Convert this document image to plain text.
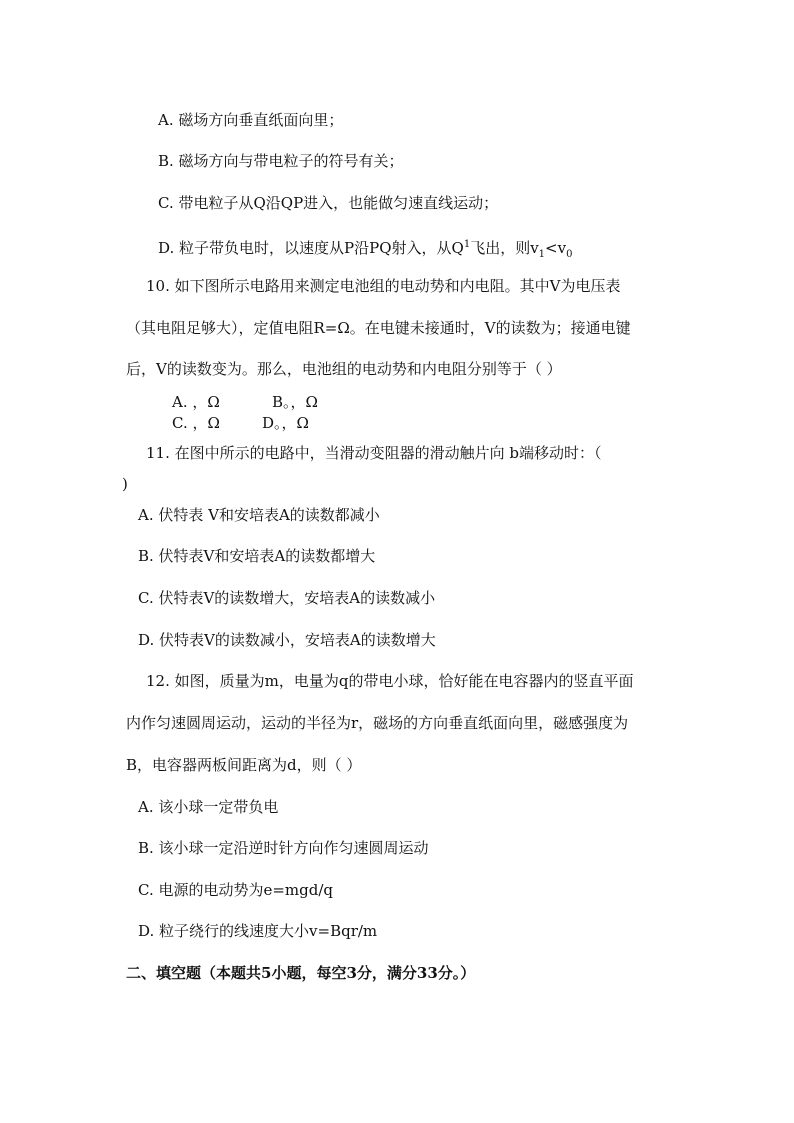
A. 磁场方向垂直纸面向里；
B. 磁场方向与带电粒子的符号有关；
C. 带电粒子从Q沿QP进入，也能做匀速直线运动；
D. 粒子带负电时，以速度从P沿PQ射入，从$Q^1$飞出，则$v_1<v_0$
10. 如下图所示电路用来测定电池组的电动势和内电阻。其中V为电压表
（其电阻足够大），定值电阻R=Ω。在电键未接通时，V的读数为；接通电键
后，V的读数变为。那么，电池组的电动势和内电阻分别等于（ ）
A. ，Ω	B。，Ω
C. ，Ω	D。，Ω
11. 在图中所示的电路中，当滑动变阻器的滑动触片向 b端移动时：（
)
A. 伏特表 V和安培表A的读数都减小
B. 伏特表V和安培表A的读数都增大
C. 伏特表V的读数增大，安培表A的读数减小
D. 伏特表V的读数减小，安培表A的读数增大
12. 如图，质量为m，电量为q的带电小球，恰好能在电容器内的竖直平面
内作匀速圆周运动，运动的半径为r，磁场的方向垂直纸面向里，磁感强度为
B，电容器两板间距离为d，则（ ）
A. 该小球一定带负电
B. 该小球一定沿逆时针方向作匀速圆周运动
C. 电源的电动势为e=mgd/q
D. 粒子绕行的线速度大小v=Bqr/m
二、填空题（本题共5小题，每空3分，满分33分。）
